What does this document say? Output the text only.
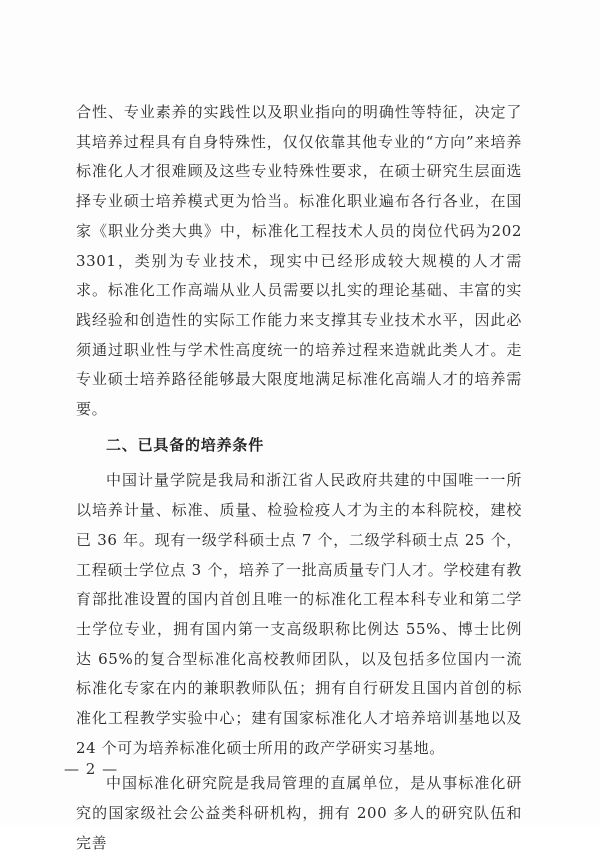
合性、专业素养的实践性以及职业指向的明确性等特征，决定了其培养过程具有自身特殊性，仅仅依靠其他专业的“方向”来培养标准化人才很难顾及这些专业特殊性要求，在硕士研究生层面选择专业硕士培养模式更为恰当。标准化职业遍布各行各业，在国家《职业分类大典》中，标准化工程技术人员的岗位代码为2023301，类别为专业技术，现实中已经形成较大规模的人才需求。标准化工作高端从业人员需要以扎实的理论基础、丰富的实践经验和创造性的实际工作能力来支撑其专业技术水平，因此必须通过职业性与学术性高度统一的培养过程来造就此类人才。走专业硕士培养路径能够最大限度地满足标准化高端人才的培养需要。

二、已具备的培养条件

中国计量学院是我局和浙江省人民政府共建的中国唯一一所以培养计量、标准、质量、检验检疫人才为主的本科院校，建校已 36 年。现有一级学科硕士点 7 个，二级学科硕士点 25 个，工程硕士学位点 3 个，培养了一批高质量专门人才。学校建有教育部批准设置的国内首创且唯一的标准化工程本科专业和第二学士学位专业，拥有国内第一支高级职称比例达 55%、博士比例达 65%的复合型标准化高校教师团队，以及包括多位国内一流标准化专家在内的兼职教师队伍；拥有自行研发且国内首创的标准化工程教学实验中心；建有国家标准化人才培养培训基地以及 24 个可为培养标准化硕士所用的政产学研实习基地。

中国标准化研究院是我局管理的直属单位，是从事标准化研究的国家级社会公益类科研机构，拥有 200 多人的研究队伍和完善

— 2 —
